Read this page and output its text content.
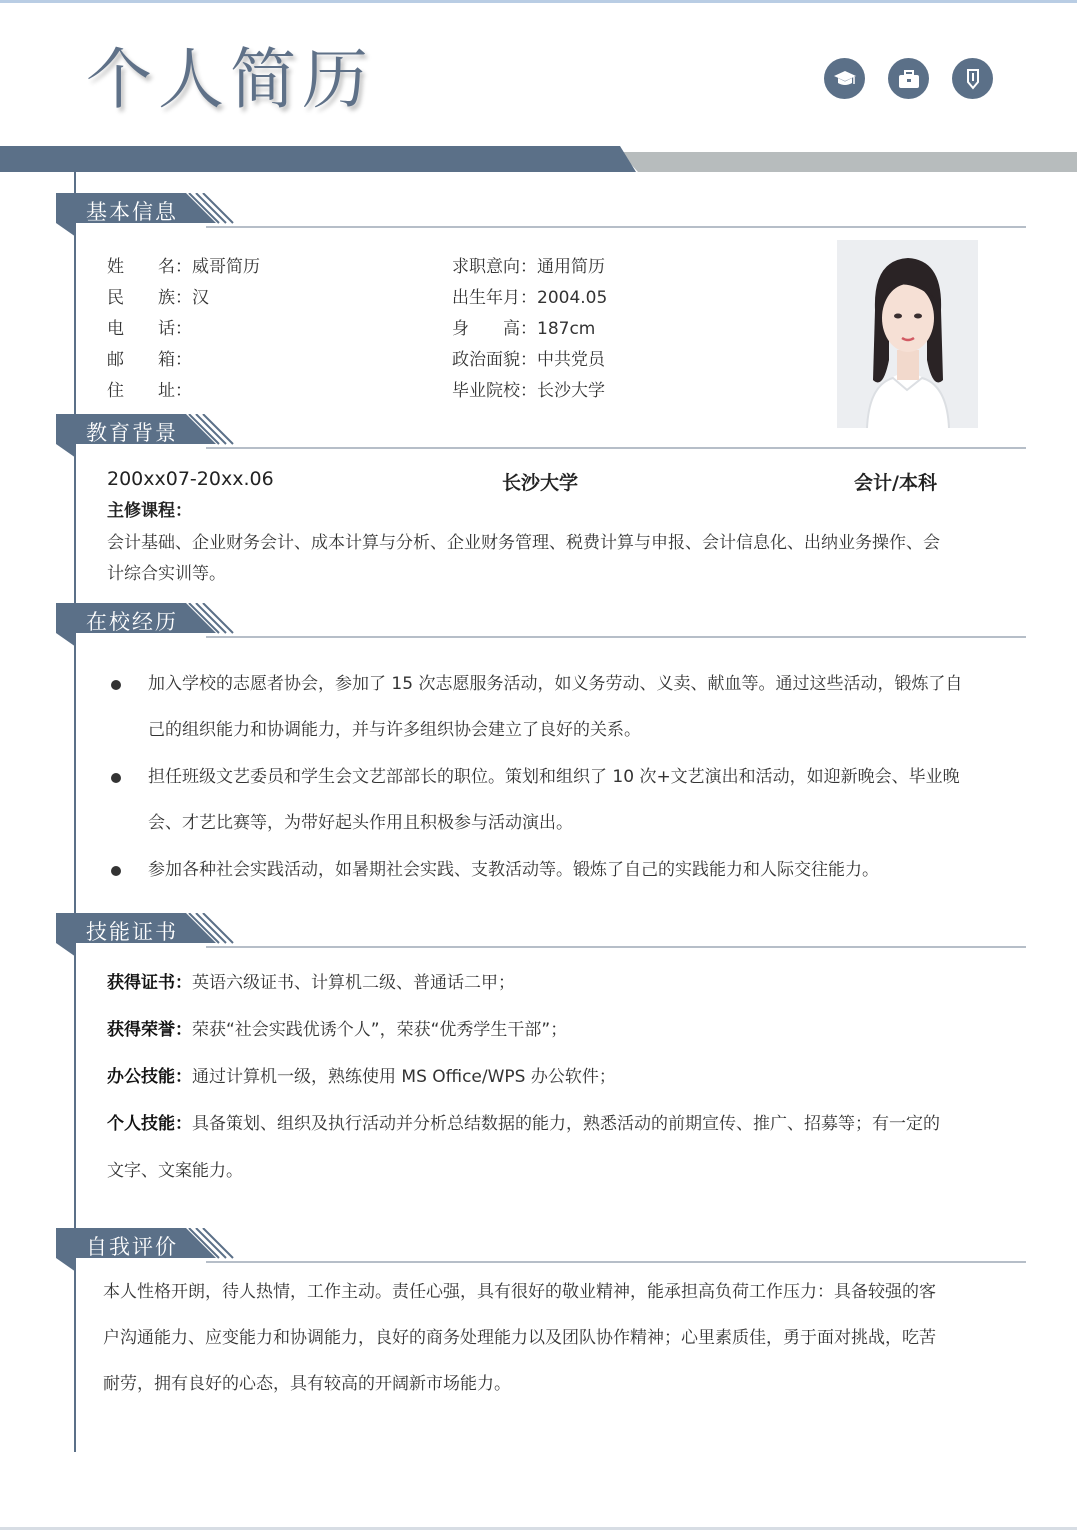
个人简历
基本信息
教育背景
在校经历
技能证书
自我评价
姓　　名：威哥简历
民　　族：汉
电　　话：
邮　　箱：
住　　址：
求职意向：通用简历
出生年月：2004.05
身　　高：187cm
政治面貌：中共党员
毕业院校：长沙大学
200xx07-20xx.06	长沙大学	会计/本科
主修课程：
会计基础、企业财务会计、成本计算与分析、企业财务管理、税费计算与申报、会计信息化、出纳业务操作、会
计综合实训等。
加入学校的志愿者协会，参加了 15 次志愿服务活动，如义务劳动、义卖、献血等。通过这些活动，锻炼了自
己的组织能力和协调能力，并与许多组织协会建立了良好的关系。
担任班级文艺委员和学生会文艺部部长的职位。策划和组织了 10 次+文艺演出和活动，如迎新晚会、毕业晚
会、才艺比赛等，为带好起头作用且积极参与活动演出。
参加各种社会实践活动，如暑期社会实践、支教活动等。锻炼了自己的实践能力和人际交往能力。
获得证书：英语六级证书、计算机二级、普通话二甲；
获得荣誉：荣获“社会实践优诱个人”，荣获“优秀学生干部”；
办公技能：通过计算机一级，熟练使用 MS Office/WPS 办公软件；
个人技能：具备策划、组织及执行活动并分析总结数据的能力，熟悉活动的前期宣传、推广、招募等；有一定的
文字、文案能力。
本人性格开朗，待人热情，工作主动。责任心强，具有很好的敬业精神，能承担高负荷工作压力：具备较强的客
户沟通能力、应变能力和协调能力，良好的商务处理能力以及团队协作精神；心里素质佳，勇于面对挑战，吃苦
耐劳，拥有良好的心态，具有较高的开阔新市场能力。
